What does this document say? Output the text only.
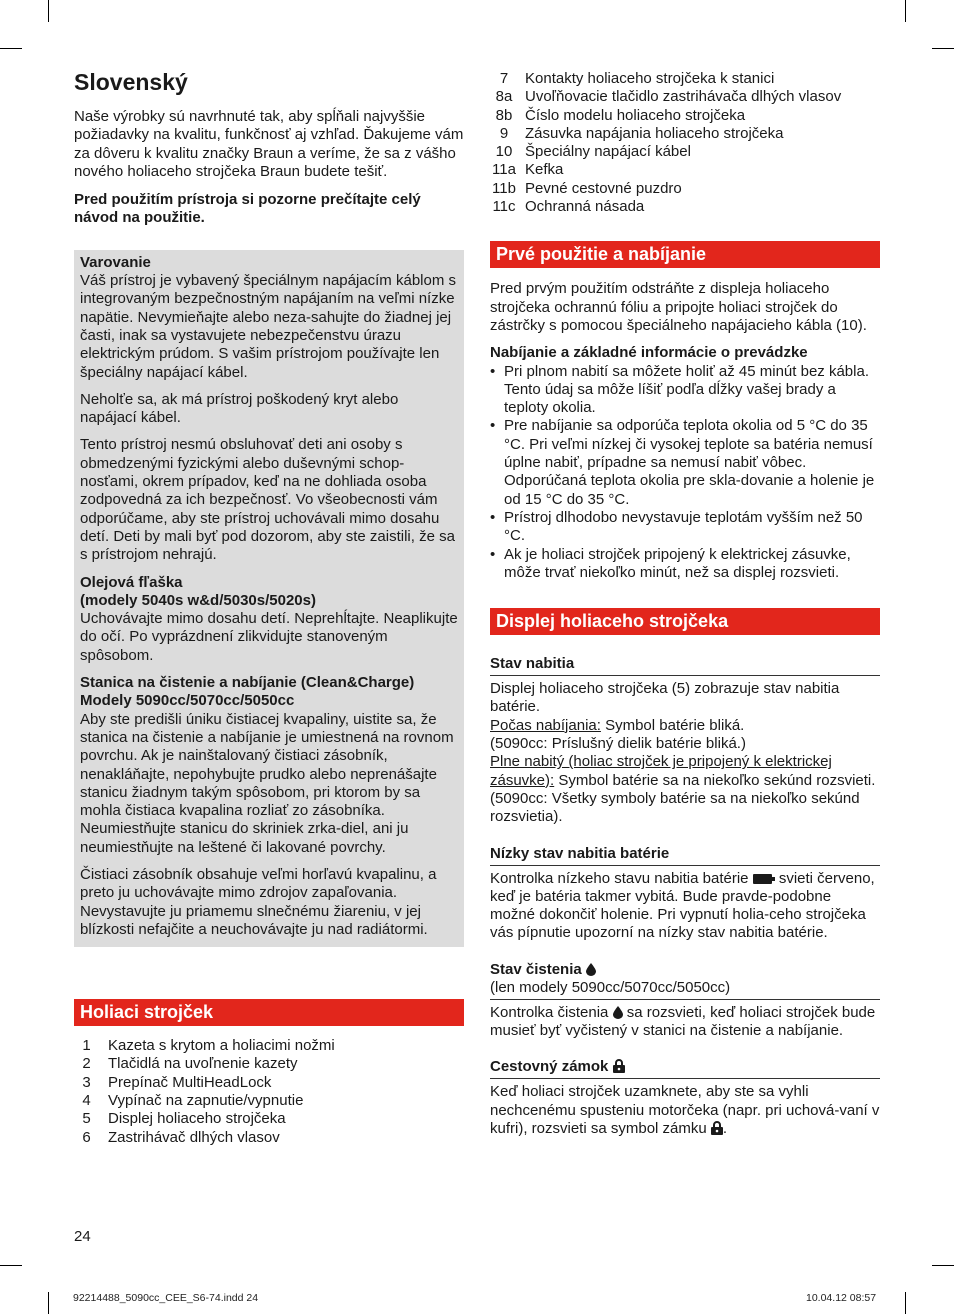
Slovenský

Naše výrobky sú navrhnuté tak, aby spĺňali najvyššie požiadavky na kvalitu, funkčnosť aj vzhľad. Ďakujeme vám za dôveru k kvalitu značky Braun a veríme, že sa z vášho nového holiaceho strojčeka Braun budete tešiť.

Pred použitím prístroja si pozorne prečítajte celý návod na použitie.

Varovanie
Váš prístroj je vybavený špeciálnym napájacím káblom s integrovaným bezpečnostným napájaním na veľmi nízke napätie. Nevymieňajte alebo neza-sahujte do žiadnej jej časti, inak sa vystavujete nebezpečenstvu úrazu elektrickým prúdom. S vašim prístrojom používajte len špeciálny napájací kábel.

Neholťe sa, ak má prístroj poškodený kryt alebo napájací kábel.

Tento prístroj nesmú obsluhovať deti ani osoby s obmedzenými fyzickými alebo duševnými schop-nosťami, okrem prípadov, keď na ne dohliada osoba zodpovedná za ich bezpečnosť. Vo všeobecnosti vám odporúčame, aby ste prístroj uchovávali mimo dosahu detí. Deti by mali byť pod dozorom, aby ste zaistili, že sa s prístrojom nehrajú.

Olejová fľaška
(modely 5040s w&d/5030s/5020s)
Uchovávajte mimo dosahu detí. Neprehĺtajte. Neaplikujte do očí. Po vyprázdnení zlikvidujte stanoveným spôsobom.

Stanica na čistenie a nabíjanie (Clean&Charge)
Modely 5090cc/5070cc/5050cc
Aby ste predišli úniku čistiacej kvapaliny, uistite sa, že stanica na čistenie a nabíjanie je umiestnená na rovnom povrchu. Ak je nainštalovaný čistiaci zásobník, nenakláňajte, nepohybujte prudko alebo neprenášajte stanicu žiadnym takým spôsobom, pri ktorom by sa mohla čistiaca kvapalina rozliať zo zásobníka. Neumiestňujte stanicu do skriniek zrka-diel, ani ju neumiestňujte na leštené či lakované povrchy.

Čistiaci zásobník obsahuje veľmi horľavú kvapalinu, a preto ju uchovávajte mimo zdrojov zapaľovania. Nevystavujte ju priamemu slnečnému žiareniu, v jej blízkosti nefajčite a neuchovávajte ju nad radiátormi.

Holiaci strojček
1	Kazeta s krytom a holiacimi nožmi
2	Tlačidlá na uvoľnenie kazety
3	Prepínač MultiHeadLock
4	Vypínač na zapnutie/vypnutie
5	Displej holiaceho strojčeka
6	Zastrihávač dlhých vlasov
24
7	Kontakty holiaceho strojčeka k stanici
8a Uvoľňovacie tlačidlo zastrihávača dlhých vlasov
8b Číslo modelu holiaceho strojčeka
9	Zásuvka napájania holiaceho strojčeka
10 Špeciálny napájací kábel
11a Kefka
11b Pevné cestovné puzdro
11c Ochranná násada
Prvé použitie a nabíjanie

Pred prvým použitím odstráňte z displeja holiaceho strojčeka ochrannú fóliu a pripojte holiaci strojček do zástrčky s pomocou špeciálneho napájacieho kábla (10).

Nabíjanie a základné informácie o prevádzke

• Pri plnom nabití sa môžete holiť až 45 minút bez kábla. Tento údaj sa môže líšiť podľa dĺžky vašej brady a teploty okolia.
• Pre nabíjanie sa odporúča teplota okolia od 5 °C do 35 °C. Pri veľmi nízkej či vysokej teplote sa batéria nemusí úplne nabiť, prípadne sa nemusí nabiť vôbec. Odporúčaná teplota okolia pre skla-dovanie a holenie je od 15 °C do 35 °C.
• Prístroj dlhodobo nevystavuje teplotám vyšším než 50 °C.
• Ak je holiaci strojček pripojený k elektrickej zásuvke, môže trvať niekoľko minút, než sa displej rozsvieti.
Displej holiaceho strojčeka
Stav nabitia

Displej holiaceho strojčeka (5) zobrazuje stav nabitia batérie.

Počas nabíjania: Symbol batérie bliká.

(5090cc: Príslušný dielik batérie bliká.)

Plne nabitý (holiac strojček je pripojený k elektrickej zásuvke): Symbol batérie sa na niekoľko sekúnd rozsvieti. (5090cc: Všetky symboly batérie sa na niekoľko sekúnd rozsvietia).

Nízky stav nabitia batérie

Kontrolka nízkeho stavu nabitia batérie svieti červeno, keď je batéria takmer vybitá. Bude pravde-podobne možné dokončiť holenie. Pri vypnutí holia-ceho strojčeka vás pípnutie upozorní na nízky stav nabitia batérie.

Stav čistenia
(len modely 5090cc/5070cc/5050cc)

Kontrolka čistenia sa rozsvieti, keď holiaci strojček bude musieť byť vyčistený v stanici na čistenie a nabíjanie.

Cestovný zámok

Keď holiaci strojček uzamknete, aby ste sa vyhli nechcenému spusteniu motorčeka (napr. pri uchová-vaní v kufri), rozsvieti sa symbol zámku .

92214488_5090cc_CEE_S6-74.indd 24	10.04.12 08:57
